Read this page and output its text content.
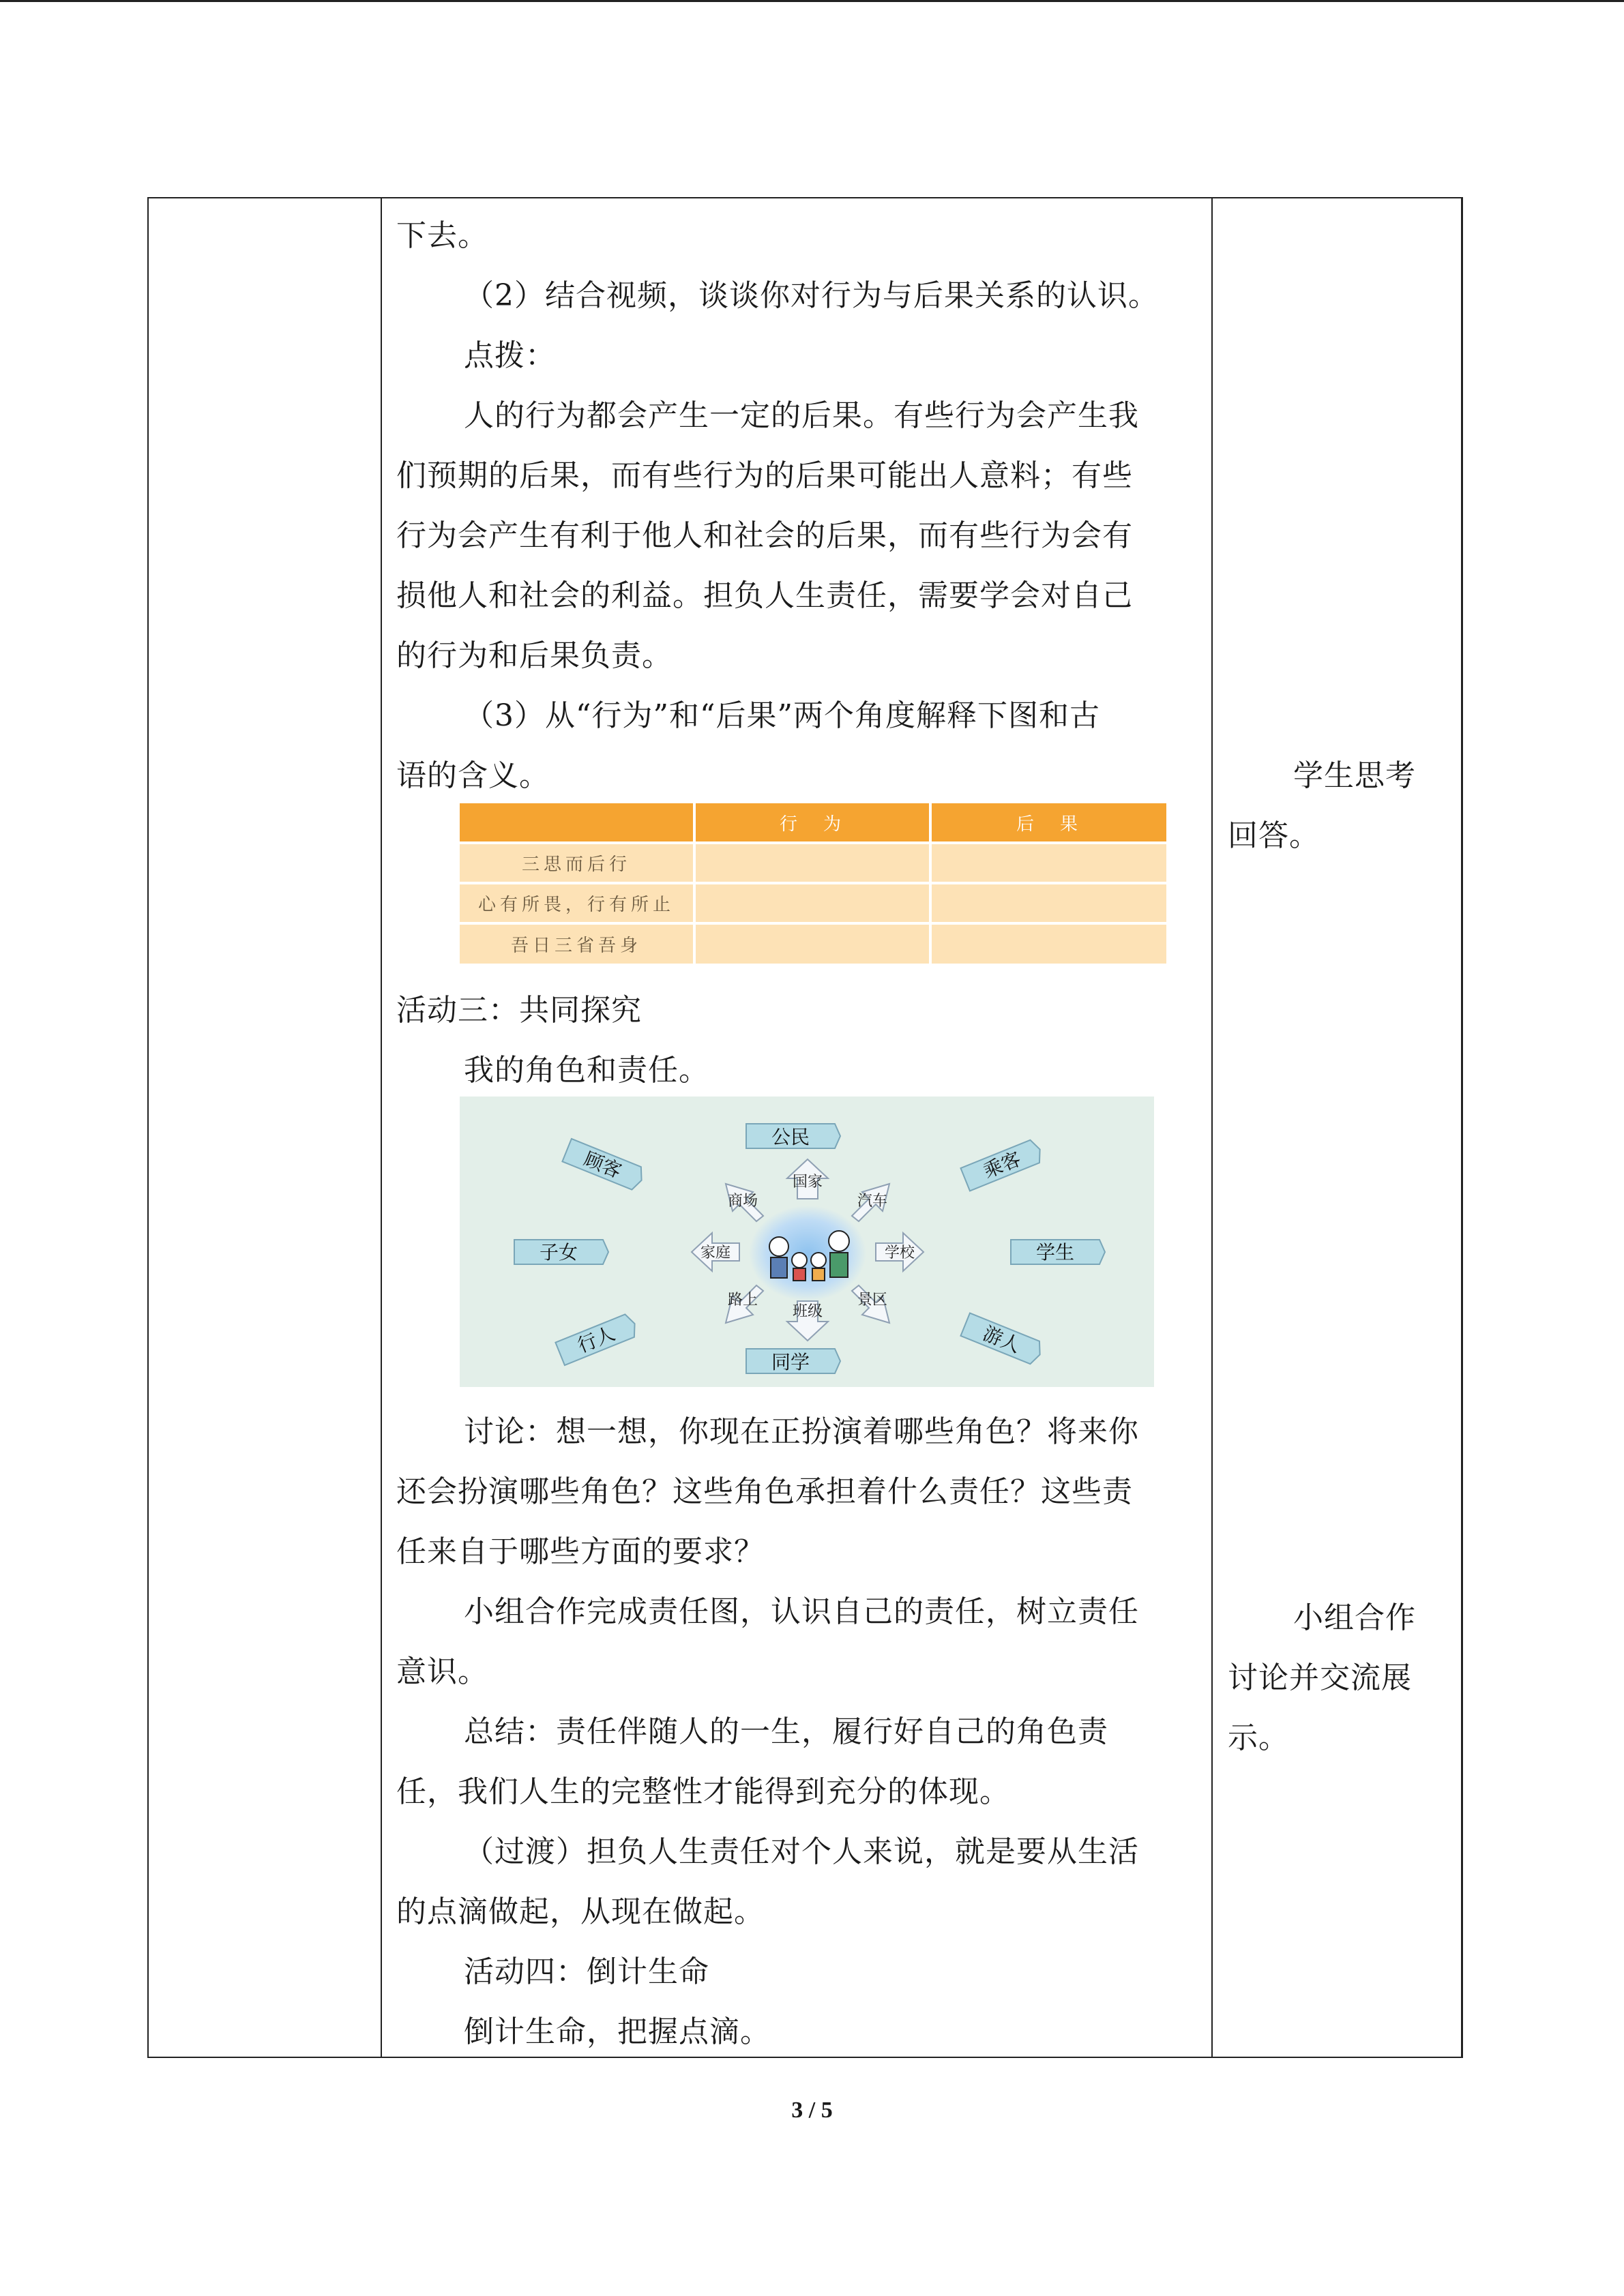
下去。

（2）结合视频，谈谈你对行为与后果关系的认识。

点拨：

人的行为都会产生一定的后果。有些行为会产生我

们预期的后果，而有些行为的后果可能出人意料；有些

行为会产生有利于他人和社会的后果，而有些行为会有

损他人和社会的利益。担负人生责任，需要学会对自己

的行为和后果负责。

（3）从“行为”和“后果”两个角度解释下图和古

语的含义。

行　为	后　果
三思而后行
心有所畏，行有所止
吾日三省吾身

活动三：共同探究

我的角色和责任。

国家
汽车
学校
景区
班级
路上
家庭
商场
公民
乘客
学生
游人
同学
行人
子女
顾客

讨论：想一想，你现在正扮演着哪些角色？将来你

还会扮演哪些角色？这些角色承担着什么责任？这些责

任来自于哪些方面的要求？

小组合作完成责任图，认识自己的责任，树立责任

意识。

总结：责任伴随人的一生，履行好自己的角色责

任，我们人生的完整性才能得到充分的体现。

（过渡）担负人生责任对个人来说，就是要从生活

的点滴做起，从现在做起。

活动四：倒计生命

倒计生命，把握点滴。

学生思考

回答。

小组合作

讨论并交流展

示。

3 / 5
